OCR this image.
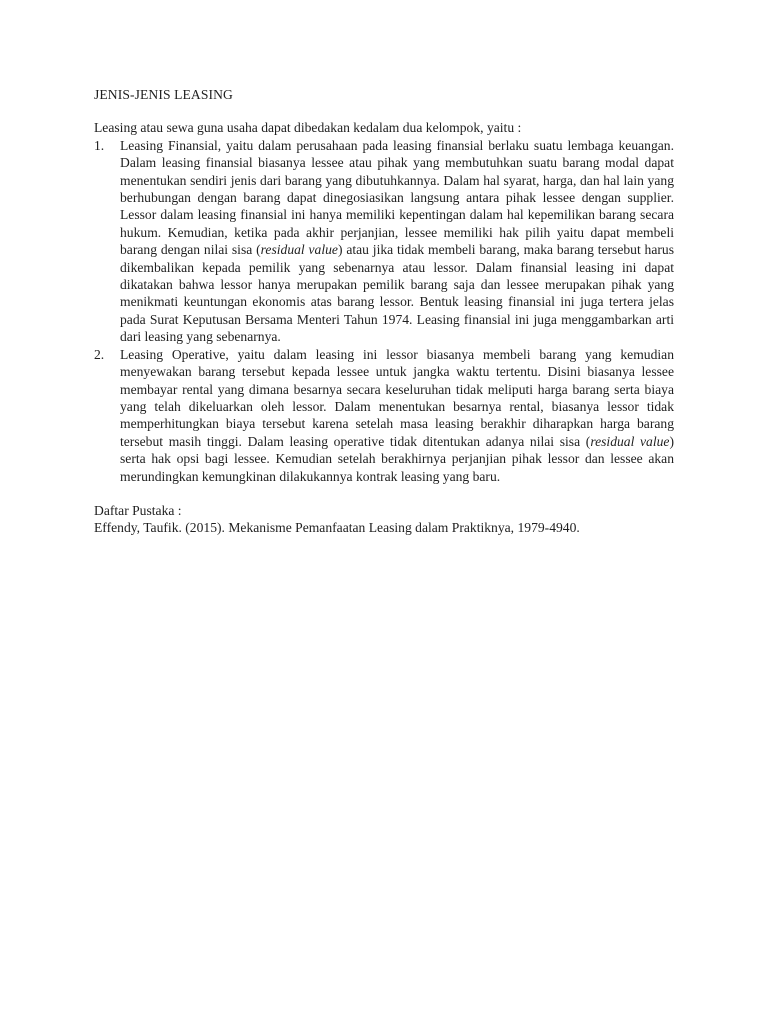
JENIS-JENIS LEASING

Leasing atau sewa guna usaha dapat dibedakan kedalam dua kelompok, yaitu :

1.	Leasing Finansial, yaitu dalam perusahaan pada leasing finansial berlaku suatu lembaga keuangan. Dalam leasing finansial biasanya lessee atau pihak yang membutuhkan suatu barang modal dapat menentukan sendiri jenis dari barang yang dibutuhkannya. Dalam hal syarat, harga, dan hal lain yang berhubungan dengan barang dapat dinegosiasikan langsung antara pihak lessee dengan supplier. Lessor dalam leasing finansial ini hanya memiliki kepentingan dalam hal kepemilikan barang secara hukum. Kemudian, ketika pada akhir perjanjian, lessee memiliki hak pilih yaitu dapat membeli barang dengan nilai sisa (residual value) atau jika tidak membeli barang, maka barang tersebut harus dikembalikan kepada pemilik yang sebenarnya atau lessor. Dalam finansial leasing ini dapat dikatakan bahwa lessor hanya merupakan pemilik barang saja dan lessee merupakan pihak yang menikmati keuntungan ekonomis atas barang lessor. Bentuk leasing finansial ini juga tertera jelas pada Surat Keputusan Bersama Menteri Tahun 1974. Leasing finansial ini juga menggambarkan arti dari leasing yang sebenarnya.
2.	Leasing Operative, yaitu dalam leasing ini lessor biasanya membeli barang yang kemudian menyewakan barang tersebut kepada lessee untuk jangka waktu tertentu. Disini biasanya lessee membayar rental yang dimana besarnya secara keseluruhan tidak meliputi harga barang serta biaya yang telah dikeluarkan oleh lessor. Dalam menentukan besarnya rental, biasanya lessor tidak memperhitungkan biaya tersebut karena setelah masa leasing berakhir diharapkan harga barang tersebut masih tinggi. Dalam leasing operative tidak ditentukan adanya nilai sisa (residual value) serta hak opsi bagi lessee. Kemudian setelah berakhirnya perjanjian pihak lessor dan lessee akan merundingkan kemungkinan dilakukannya kontrak leasing yang baru.

Daftar Pustaka :

Effendy, Taufik. (2015). Mekanisme Pemanfaatan Leasing dalam Praktiknya, 1979-4940.
